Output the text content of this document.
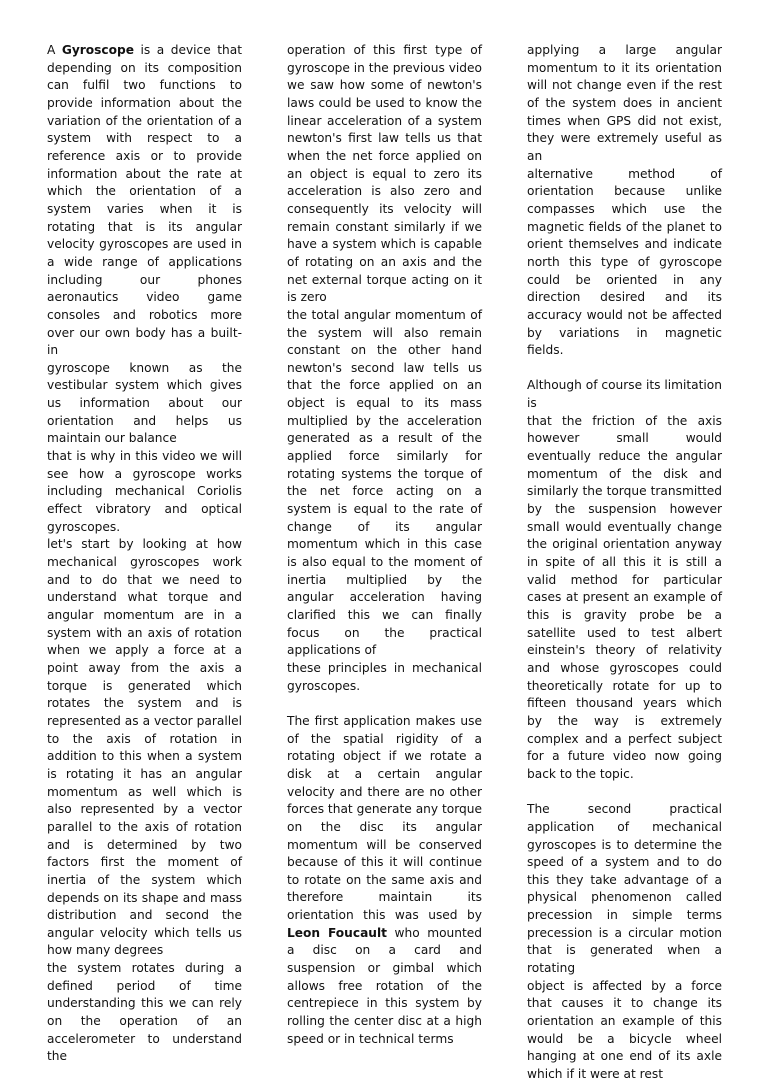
A Gyroscope is a device that depending on its composition can fulfil two functions to provide information about the variation of the orientation of a system with respect to a reference axis or to provide information about the rate at which the orientation of a system varies when it is rotating that is its angular velocity gyroscopes are used in a wide range of applications including our phones aeronautics video game consoles and robotics more over our own body has a built-in

gyroscope known as the vestibular system which gives us information about our orientation and helps us maintain our balance

that is why in this video we will see how a gyroscope works including mechanical Coriolis effect vibratory and optical gyroscopes.

let's start by looking at how mechanical gyroscopes work and to do that we need to understand what torque and angular momentum are in a system with an axis of rotation when we apply a force at a point away from the axis a torque is generated which rotates the system and is represented as a vector parallel to the axis of rotation in addition to this when a system is rotating it has an angular momentum as well which is also represented by a vector parallel to the axis of rotation and is determined by two factors first the moment of inertia of the system which depends on its shape and mass distribution and second the angular velocity which tells us how many degrees

the system rotates during a defined period of time understanding this we can rely on the operation of an accelerometer to understand the

operation of this first type of gyroscope in the previous video we saw how some of newton's laws could be used to know the linear acceleration of a system newton's first law tells us that when the net force applied on an object is equal to zero its acceleration is also zero and consequently its velocity will remain constant similarly if we have a system which is capable of rotating on an axis and the net external torque acting on it is zero

the total angular momentum of the system will also remain constant on the other hand newton's second law tells us that the force applied on an object is equal to its mass multiplied by the acceleration generated as a result of the applied force similarly for rotating systems the torque of the net force acting on a system is equal to the rate of change of its angular momentum which in this case is also equal to the moment of inertia multiplied by the angular acceleration having clarified this we can finally focus on the practical applications of

these principles in mechanical gyroscopes.

The first application makes use of the spatial rigidity of a rotating object if we rotate a disk at a certain angular velocity and there are no other forces that generate any torque on the disc its angular momentum will be conserved because of this it will continue to rotate on the same axis and therefore maintain its orientation this was used by Leon Foucault who mounted a disc on a card and suspension or gimbal which allows free rotation of the centrepiece in this system by rolling the center disc at a high speed or in technical terms

applying a large angular momentum to it its orientation will not change even if the rest of the system does in ancient times when GPS did not exist, they were extremely useful as an

alternative method of orientation because unlike compasses which use the magnetic fields of the planet to orient themselves and indicate north this type of gyroscope could be oriented in any direction desired and its accuracy would not be affected by variations in magnetic fields.

Although of course its limitation is

that the friction of the axis however small would eventually reduce the angular momentum of the disk and similarly the torque transmitted by the suspension however small would eventually change the original orientation anyway in spite of all this it is still a valid method for particular cases at present an example of this is gravity probe be a satellite used to test albert einstein's theory of relativity and whose gyroscopes could theoretically rotate for up to fifteen thousand years which by the way is extremely complex and a perfect subject for a future video now going back to the topic.

The second practical application of mechanical gyroscopes is to determine the speed of a system and to do this they take advantage of a physical phenomenon called precession in simple terms precession is a circular motion that is generated when a rotating

object is affected by a force that causes it to change its orientation an example of this would be a bicycle wheel hanging at one end of its axle which if it were at rest
